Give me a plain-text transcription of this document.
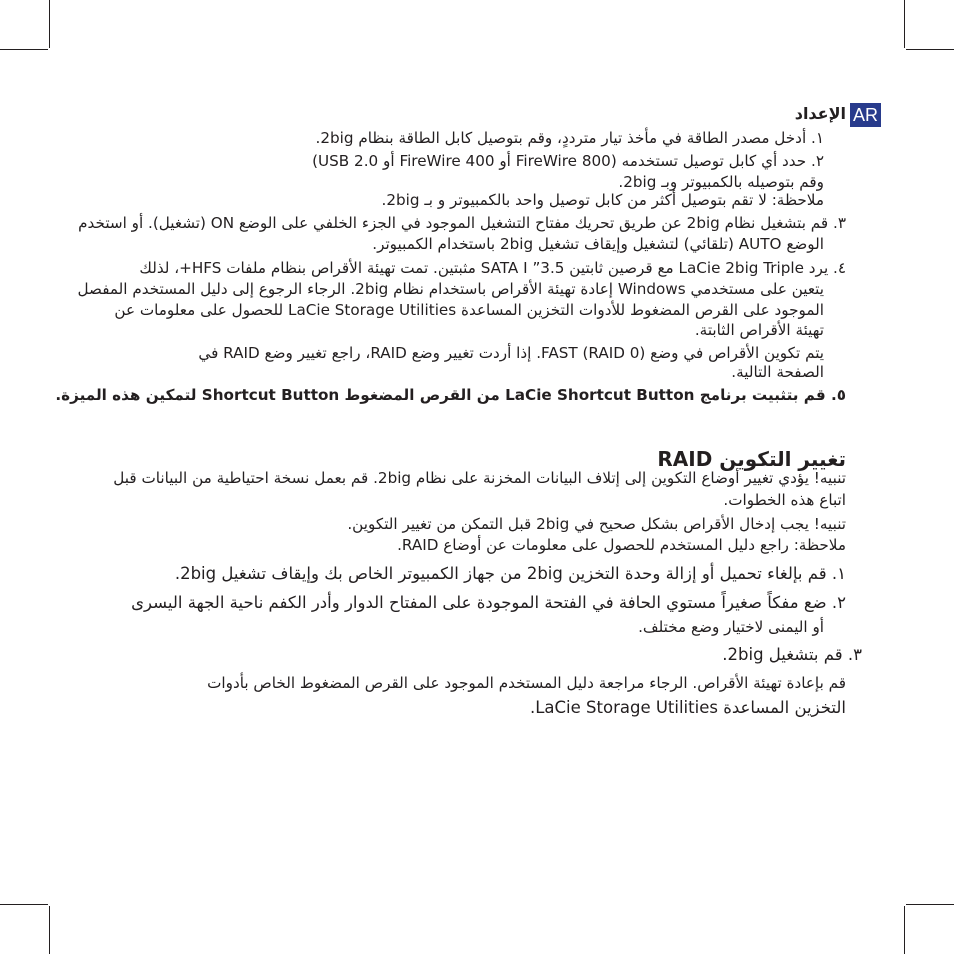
AR
الإعداد

١. أدخل مصدر الطاقة في مأخذ تيار مترددٍ، وقم بتوصيل كابل الطاقة بنظام 2big.

٢. حدد أي كابل توصيل تستخدمه (FireWire 800 أو FireWire 400 أو USB 2.0)

وقم بتوصيله بالكمبيوتر وبـ 2big.

ملاحظة: لا تقم بتوصيل أكثر من كابل توصيل واحد بالكمبيوتر و بـ 2big.

٣. قم بتشغيل نظام 2big عن طريق تحريك مفتاح التشغيل الموجود في الجزء الخلفي على الوضع ON (تشغيل). أو استخدم

الوضع AUTO (تلقائي) لتشغيل وإيقاف تشغيل 2big باستخدام الكمبيوتر.

٤. يرد LaCie 2big Triple مع قرصين ثابتين SATA I ”3.5 مثبتين. تمت تهيئة الأقراص بنظام ملفات HFS+، لذلك

يتعين على مستخدمي Windows إعادة تهيئة الأقراص باستخدام نظام 2big. الرجاء الرجوع إلى دليل المستخدم المفصل

الموجود على القرص المضغوط للأدوات التخزين المساعدة LaCie Storage Utilities للحصول على معلومات عن

تهيئة الأقراص الثابتة.

يتم تكوين الأقراص في وضع FAST (RAID 0). إذا أردت تغيير وضع RAID، راجع تغيير وضع RAID في

الصفحة التالية.

٥. قم بتثبيت برنامج LaCie Shortcut Button من القرص المضغوط Shortcut Button لتمكين هذه الميزة.

تغيير التكوين RAID

تنبيه! يؤدي تغيير أوضاع التكوين إلى إتلاف البيانات المخزنة على نظام 2big. قم بعمل نسخة احتياطية من البيانات قبل

اتباع هذه الخطوات.

تنبيه! يجب إدخال الأقراص بشكل صحيح في 2big قبل التمكن من تغيير التكوين.

ملاحظة: راجع دليل المستخدم للحصول على معلومات عن أوضاع RAID.

١. قم بإلغاء تحميل أو إزالة وحدة التخزين 2big من جهاز الكمبيوتر الخاص بك وإيقاف تشغيل 2big.

٢. ضع مفكاً صغيراً مستوي الحافة في الفتحة الموجودة على المفتاح الدوار وأدر الكفم ناحية الجهة اليسرى

أو اليمنى لاختيار وضع مختلف.

٣. قم بتشغيل 2big.

قم بإعادة تهيئة الأقراص. الرجاء مراجعة دليل المستخدم الموجود على القرص المضغوط الخاص بأدوات

التخزين المساعدة LaCie Storage Utilities.
